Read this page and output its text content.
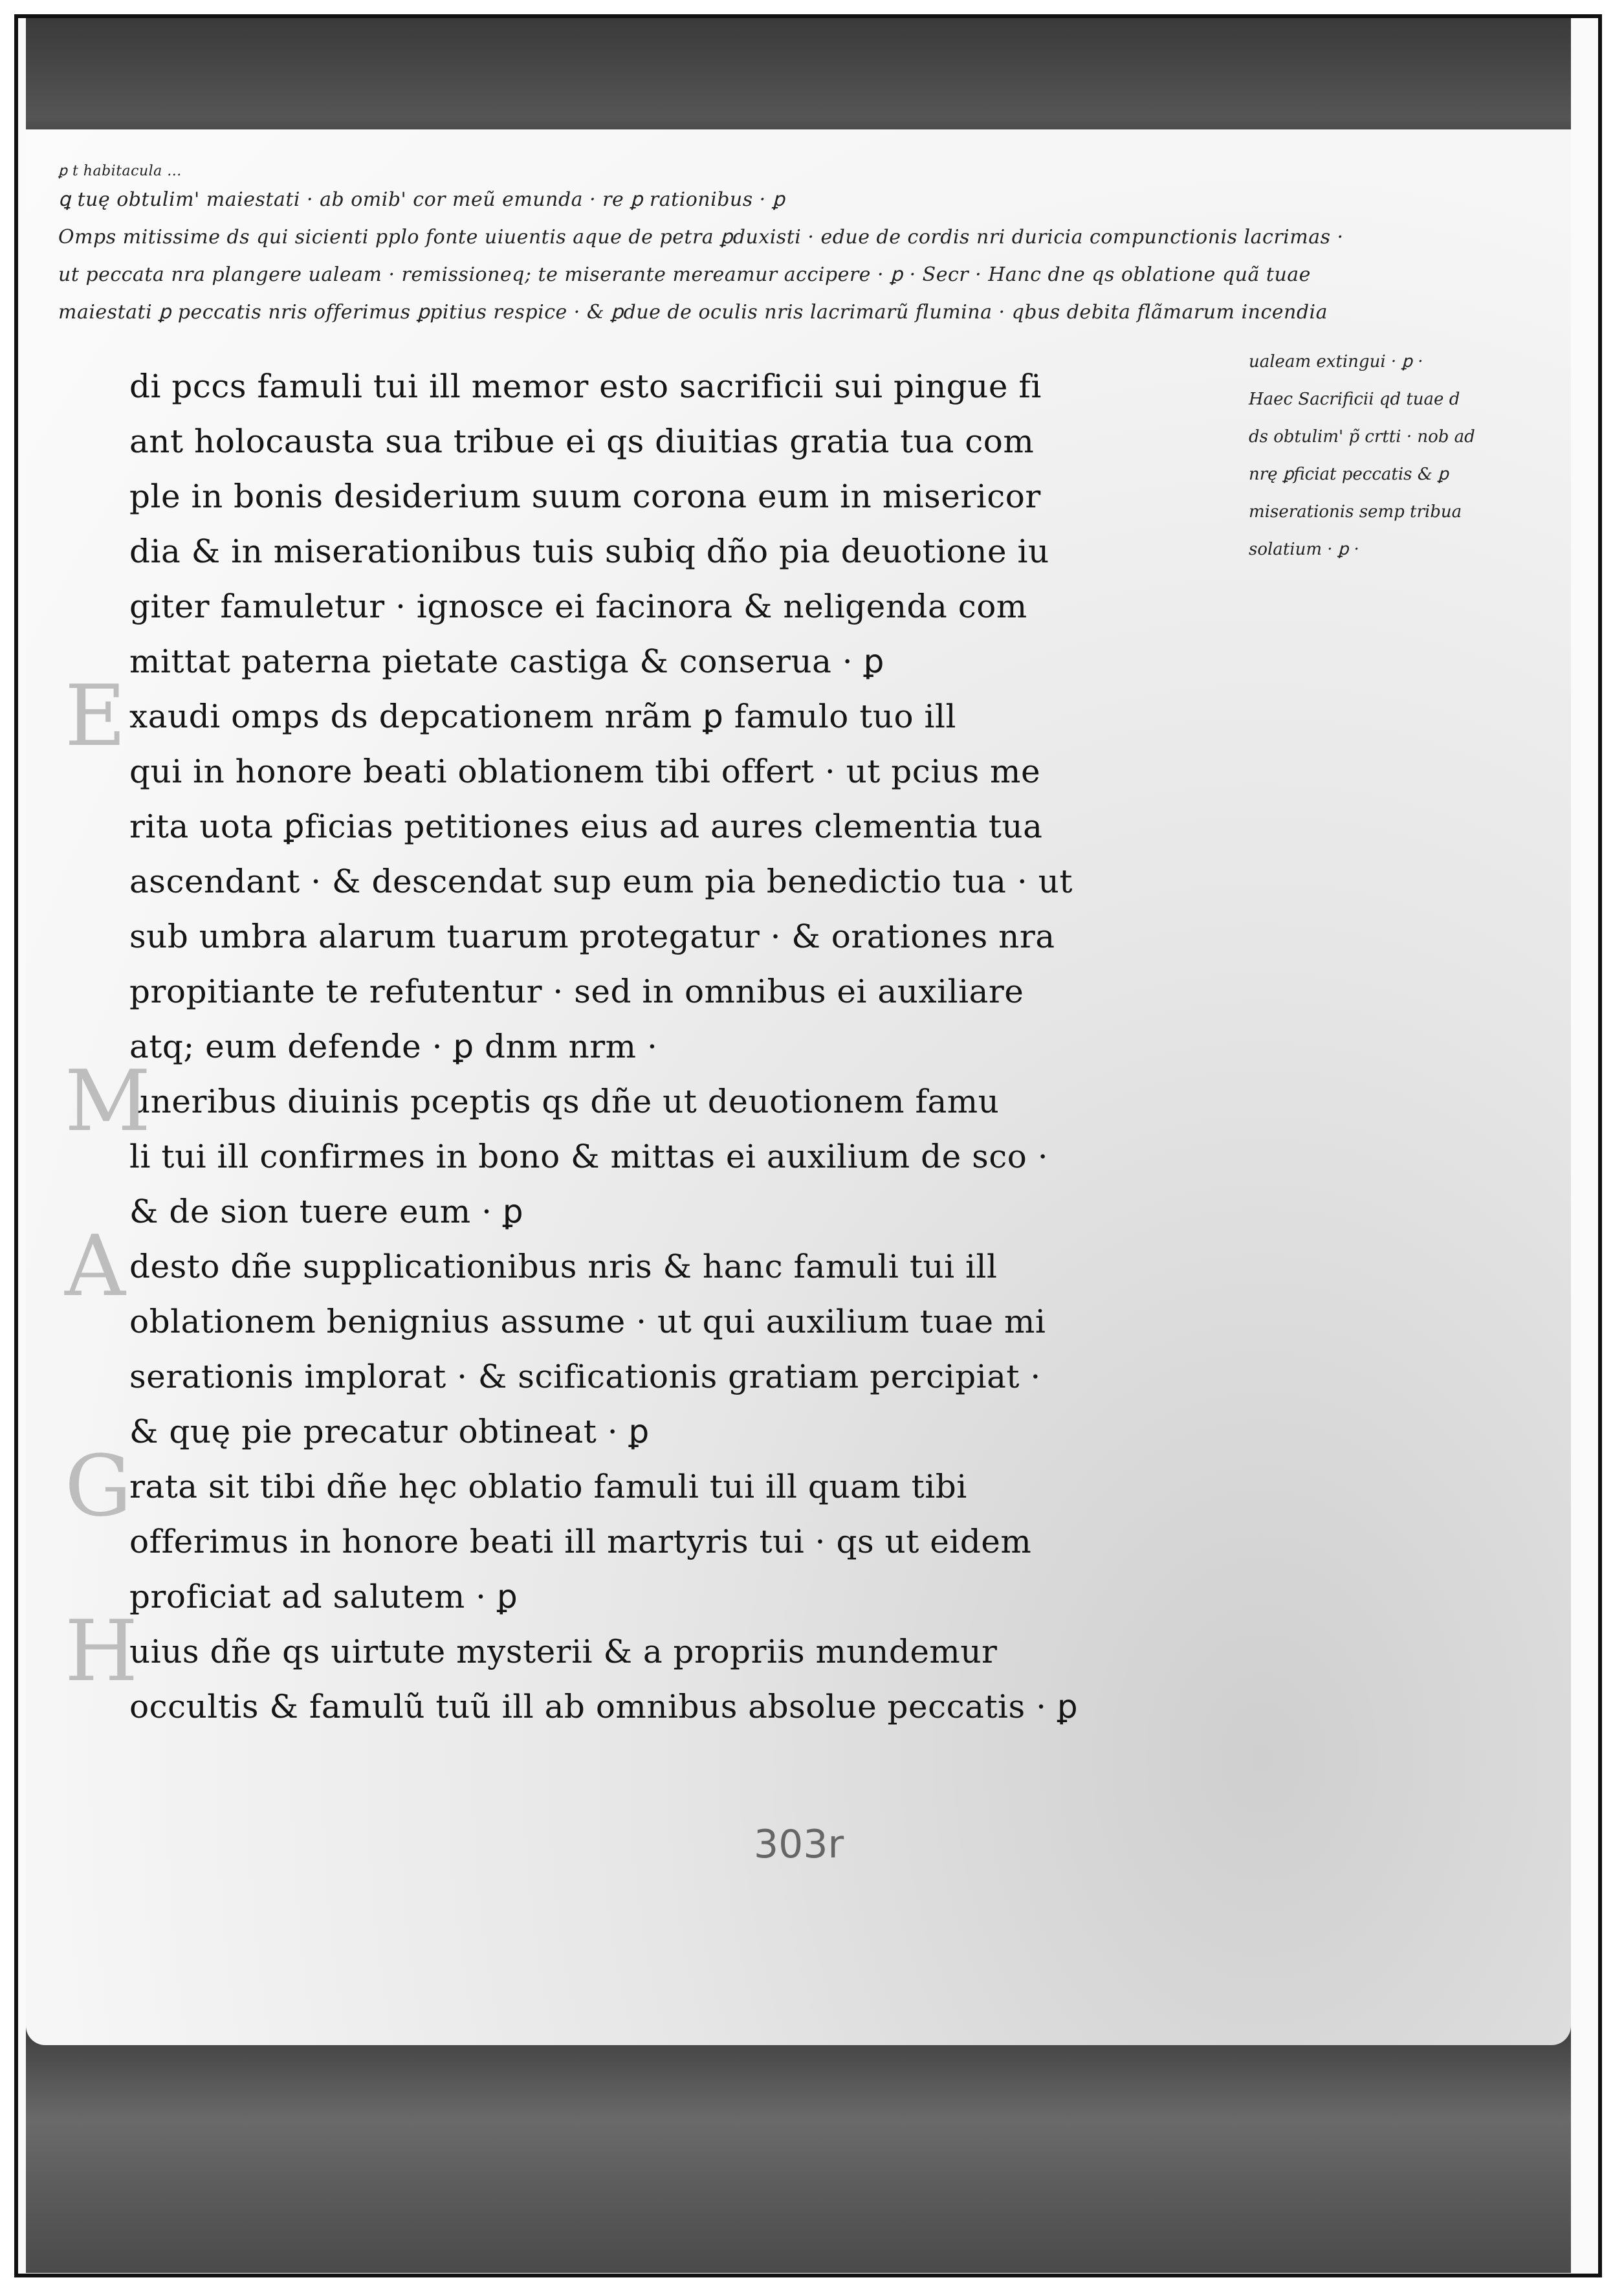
ꝑ t habitacula ...
ꝗ tuę obtulim' maiestati · ab omib' cor meũ emunda · re ꝑ rationibus · ꝑ
Omps mitissime ds qui sicienti pplo fonte uiuentis aque de petra ꝑduxisti · edue de cordis nri duricia compunctionis lacrimas ·
ut peccata nra plangere ualeam · remissioneq; te miserante mereamur accipere · ꝑ · Secr · Hanc dne qs oblatione quã tuae
maiestati ꝑ peccatis nris offerimus ꝑpitius respice · & ꝑdue de oculis nris lacrimarũ flumina · qbus debita flãmarum incendia
ualeam extingui · ꝑ ·
Haec Sacrificii qd tuae d
ds obtulim' p̃ crtti · nob ad
nrę ꝑficiat peccatis & ꝑ
miserationis semp tribua
solatium · ꝑ ·
di pccs famuli tui ill memor esto sacrificii sui pingue fi
ant holocausta sua tribue ei qs diuitias gratia tua com
ple in bonis desiderium suum corona eum in misericor
dia & in miserationibus tuis subiq dño pia deuotione iu
giter famuletur · ignosce ei facinora & neligenda com
mittat paterna pietate castiga & conserua · ꝑ
E xaudi omps ds depcationem nrãm ꝑ famulo tuo ill
qui in honore beati oblationem tibi offert · ut pcius me
rita uota ꝑficias petitiones eius ad aures clementia tua
ascendant · & descendat sup eum pia benedictio tua · ut
sub umbra alarum tuarum protegatur · & orationes nra
propitiante te refutentur · sed in omnibus ei auxiliare
atq; eum defende · ꝑ dnm nrm ·
M
uneribus diuinis pceptis qs dñe ut deuotionem famu
li tui ill confirmes in bono & mittas ei auxilium de sco ·
& de sion tuere eum · ꝑ
A desto dñe supplicationibus nris & hanc famuli tui ill
oblationem benignius assume · ut qui auxilium tuae mi
serationis implorat · & scificationis gratiam percipiat ·
& quę pie precatur obtineat · ꝑ
G
rata sit tibi dñe hęc oblatio famuli tui ill quam tibi
offerimus in honore beati ill martyris tui · qs ut eidem
proficiat ad salutem · ꝑ
H
uius dñe qs uirtute mysterii & a propriis mundemur
occultis & famulũ tuũ ill ab omnibus absolue peccatis · ꝑ
303r
